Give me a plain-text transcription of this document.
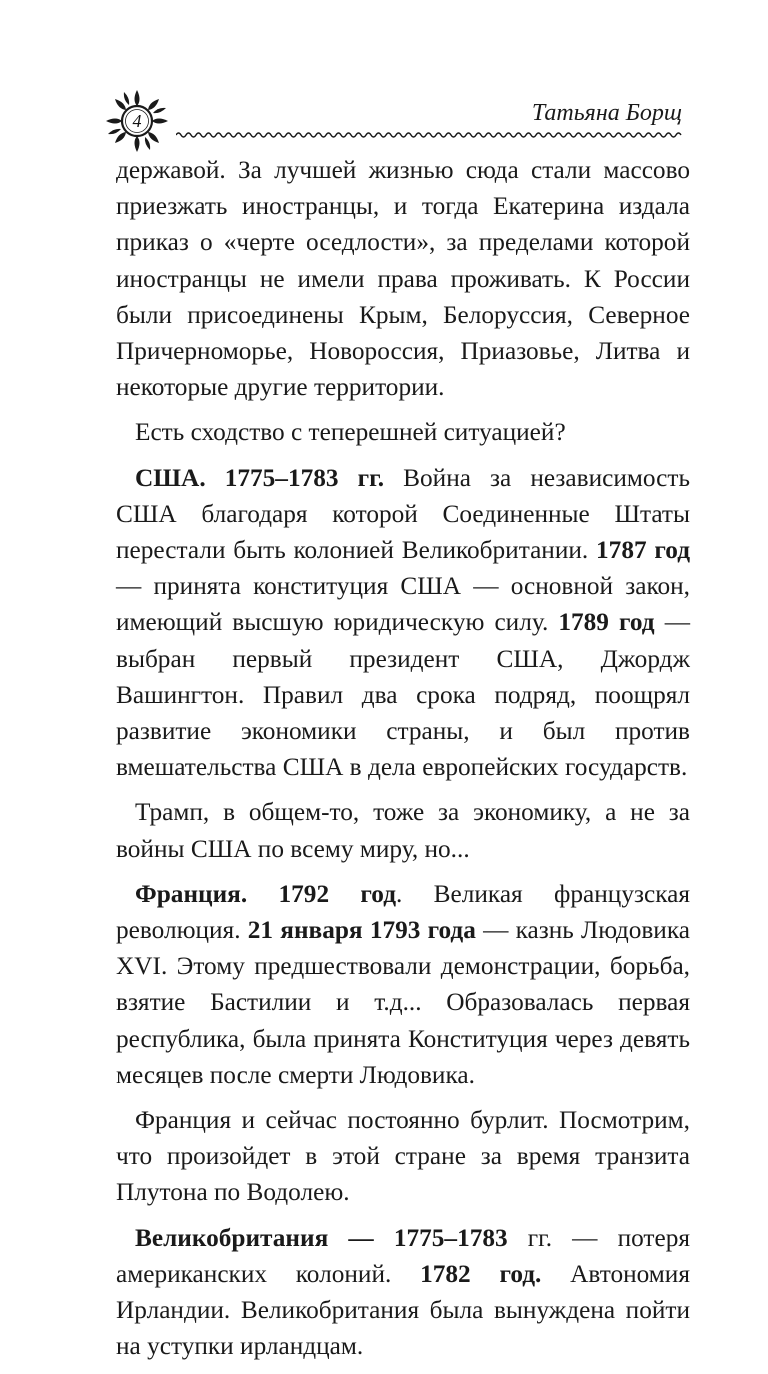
4	Татьяна Борщ

державой. За лучшей жизнью сюда стали массово приезжать иностранцы, и тогда Екатерина издала приказ о «черте оседлости», за пределами которой иностранцы не имели права проживать. К России были присоединены Крым, Белоруссия, Северное Причерноморье, Новороссия, Приазовье, Литва и некоторые другие территории.

Есть сходство с теперешней ситуацией?

США. 1775–1783 гг. Война за независимость США благодаря которой Соединенные Штаты перестали быть колонией Великобритании. 1787 год — принята конституция США — основной закон, имеющий высшую юридическую силу. 1789 год — выбран первый президент США, Джордж Вашингтон. Правил два срока подряд, поощрял развитие экономики страны, и был против вмешательства США в дела европейских государств.

Трамп, в общем-то, тоже за экономику, а не за войны США по всему миру, но...

Франция. 1792 год. Великая французская революция. 21 января 1793 года — казнь Людовика XVI. Этому предшествовали демонстрации, борьба, взятие Бастилии и т.д... Образовалась первая республика, была принята Конституция через девять месяцев после смерти Людовика.

Франция и сейчас постоянно бурлит. Посмотрим, что произойдет в этой стране за время транзита Плутона по Водолею.

Великобритания — 1775–1783 гг. — потеря американских колоний. 1782 год. Автономия Ирландии. Великобритания была вынуждена пойти на уступки ирландцам.
